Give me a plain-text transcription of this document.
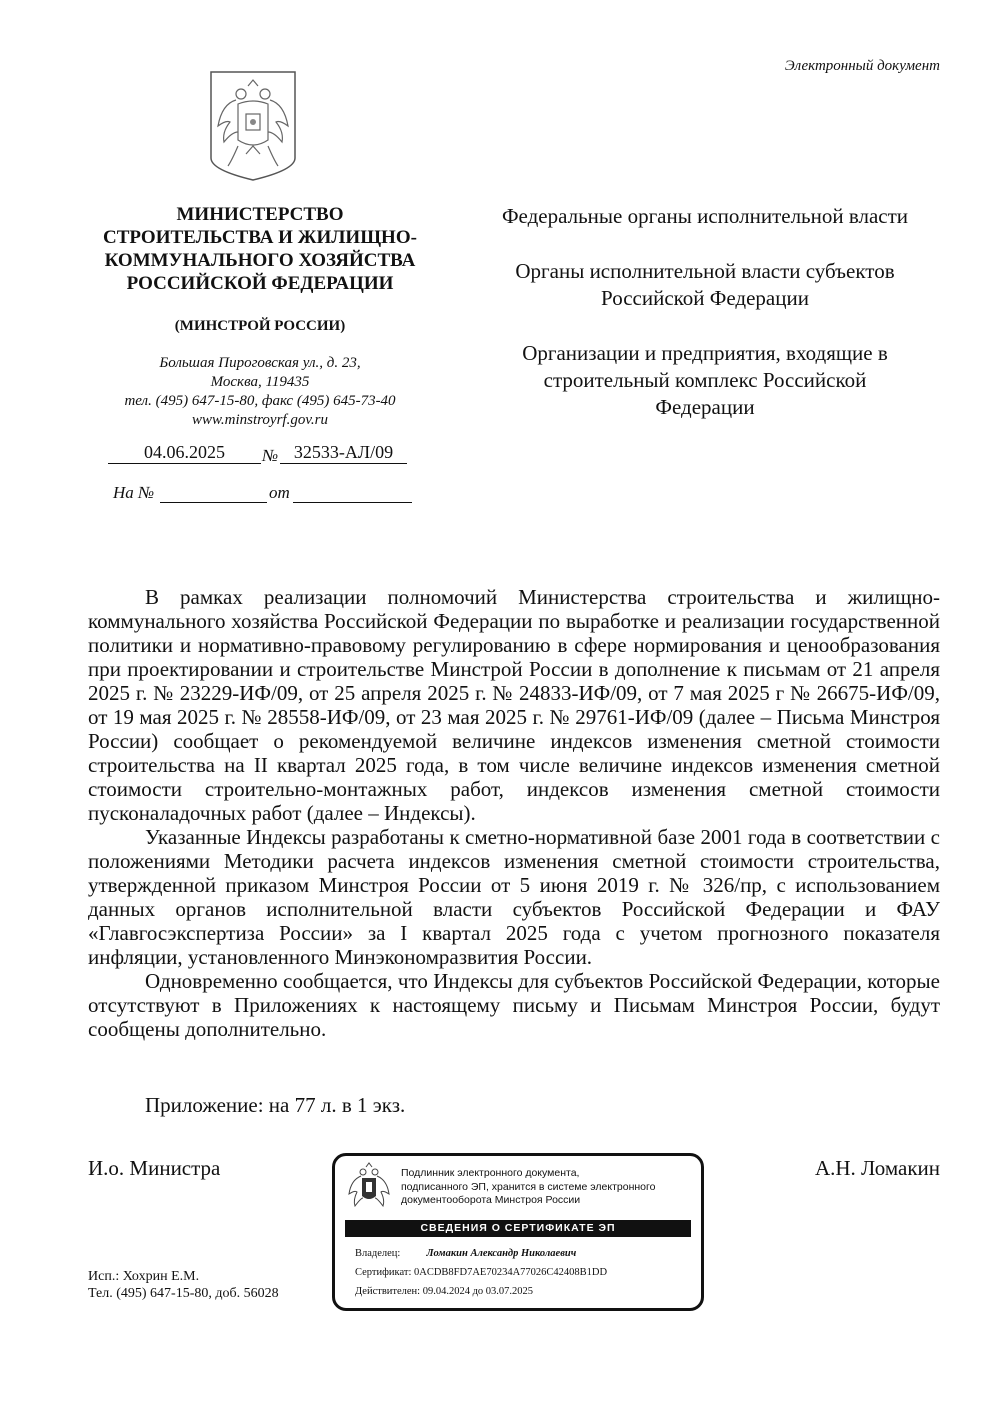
Электронный документ
МИНИСТЕРСТВО
СТРОИТЕЛЬСТВА И ЖИЛИЩНО-
КОММУНАЛЬНОГО ХОЗЯЙСТВА
РОССИЙСКОЙ ФЕДЕРАЦИИ
(МИНСТРОЙ РОССИИ)
Большая Пироговская ул., д. 23,
Москва, 119435
тел. (495) 647-15-80, факс (495) 645-73-40
www.minstroyrf.gov.ru
04.06.2025	№ 32533-АЛ/09
На №	от

Федеральные органы исполнительной власти

Органы исполнительной власти субъектов Российской Федерации

Организации и предприятия, входящие в строительный комплекс Российской Федерации

В рамках реализации полномочий Министерства строительства и жилищно-коммунального хозяйства Российской Федерации по выработке и реализации государственной политики и нормативно-правовому регулированию в сфере нормирования и ценообразования при проектировании и строительстве Минстрой России в дополнение к письмам от 21 апреля 2025 г. № 23229-ИФ/09, от 25 апреля 2025 г. № 24833-ИФ/09, от 7 мая 2025 г № 26675-ИФ/09, от 19 мая 2025 г. № 28558-ИФ/09, от 23 мая 2025 г. № 29761-ИФ/09 (далее – Письма Минстроя России) сообщает о рекомендуемой величине индексов изменения сметной стоимости строительства на II квартал 2025 года, в том числе величине индексов изменения сметной стоимости строительно-монтажных работ, индексов изменения сметной стоимости пусконаладочных работ (далее – Индексы).

Указанные Индексы разработаны к сметно-нормативной базе 2001 года в соответствии с положениями Методики расчета индексов изменения сметной стоимости строительства, утвержденной приказом Минстроя России от 5 июня 2019 г. № 326/пр, с использованием данных органов исполнительной власти субъектов Российской Федерации и ФАУ «Главгосэкспертиза России» за I квартал 2025 года с учетом прогнозного показателя инфляции, установленного Минэкономразвития России.

Одновременно сообщается, что Индексы для субъектов Российской Федерации, которые отсутствуют в Приложениях к настоящему письму и Письмам Минстроя России, будут сообщены дополнительно.

Приложение: на 77 л. в 1 экз.
И.о. Министра	А.Н. Ломакин
Подлинник электронного документа,
подписанного ЭП, хранится в системе электронного
документооборота Минстроя России
СВЕДЕНИЯ О СЕРТИФИКАТЕ ЭП
Владелец: Ломакин Александр Николаевич
Сертификат: 0ACDB8FD7AE70234A77026C42408B1DD
Действителен: 09.04.2024 до 03.07.2025
Исп.: Хохрин Е.М.
Тел. (495) 647-15-80, доб. 56028
